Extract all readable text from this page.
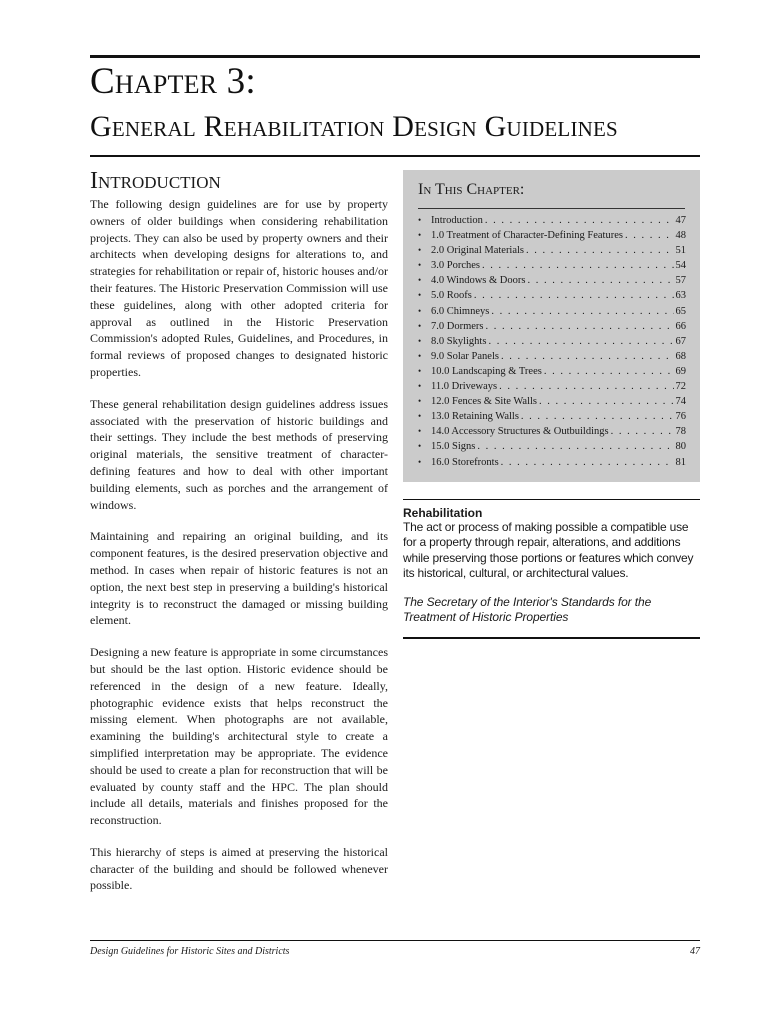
Chapter 3:
General Rehabilitation Design Guidelines
Introduction

The following design guidelines are for use by property owners of older buildings when considering rehabilitation projects. They can also be used by property owners and their architects when developing designs for alterations to, and strategies for rehabilitation or repair of, historic houses and/or their features. The Historic Preservation Commission will use these guidelines, along with other adopted criteria for approval as outlined in the Historic Preservation Commission's adopted Rules, Guidelines, and Procedures, in formal reviews of proposed changes to designated historic properties.

These general rehabilitation design guidelines address issues associated with the preservation of historic buildings and their settings. They include the best methods of preserving original materials, the sensitive treatment of character-defining features and how to deal with other important building elements, such as porches and the arrangement of windows.

Maintaining and repairing an original building, and its component features, is the desired preservation objective and method. In cases when repair of historic features is not an option, the next best step in preserving a building's historical integrity is to reconstruct the damaged or missing building element.

Designing a new feature is appropriate in some circumstances but should be the last option. Historic evidence should be referenced in the design of a new feature. Ideally, photographic evidence exists that helps reconstruct the missing element. When photographs are not available, examining the building's architectural style to create a simplified interpretation may be appropriate. The evidence should be used to create a plan for reconstruction that will be evaluated by county staff and the HPC. The plan should include all details, materials and finishes proposed for the reconstruction.

This hierarchy of steps is aimed at preserving the historical character of the building and should be followed whenever possible.

In This Chapter:
• Introduction . . .	47
• 1.0 Treatment of Character-Defining Features . . .	48
• 2.0 Original Materials . . .	51
• 3.0 Porches . . .	54
• 4.0 Windows & Doors . . .	57
• 5.0 Roofs . . .	63
• 6.0 Chimneys . . .	65
• 7.0 Dormers . . .	66
• 8.0 Skylights . . .	67
• 9.0 Solar Panels . . .	68
• 10.0 Landscaping & Trees . . .	69
• 11.0 Driveways . . .	72
• 12.0 Fences & Site Walls . . .	74
• 13.0 Retaining Walls . . .	76
• 14.0 Accessory Structures & Outbuildings . . .	78
• 15.0 Signs . . .	80
• 16.0 Storefronts . . .	81
Rehabilitation
The act or process of making possible a compatible use for a property through repair, alterations, and additions while preserving those portions or features which convey its historical, cultural, or architectural values.
The Secretary of the Interior's Standards for the Treatment of Historic Properties
Design Guidelines for Historic Sites and Districts	47
